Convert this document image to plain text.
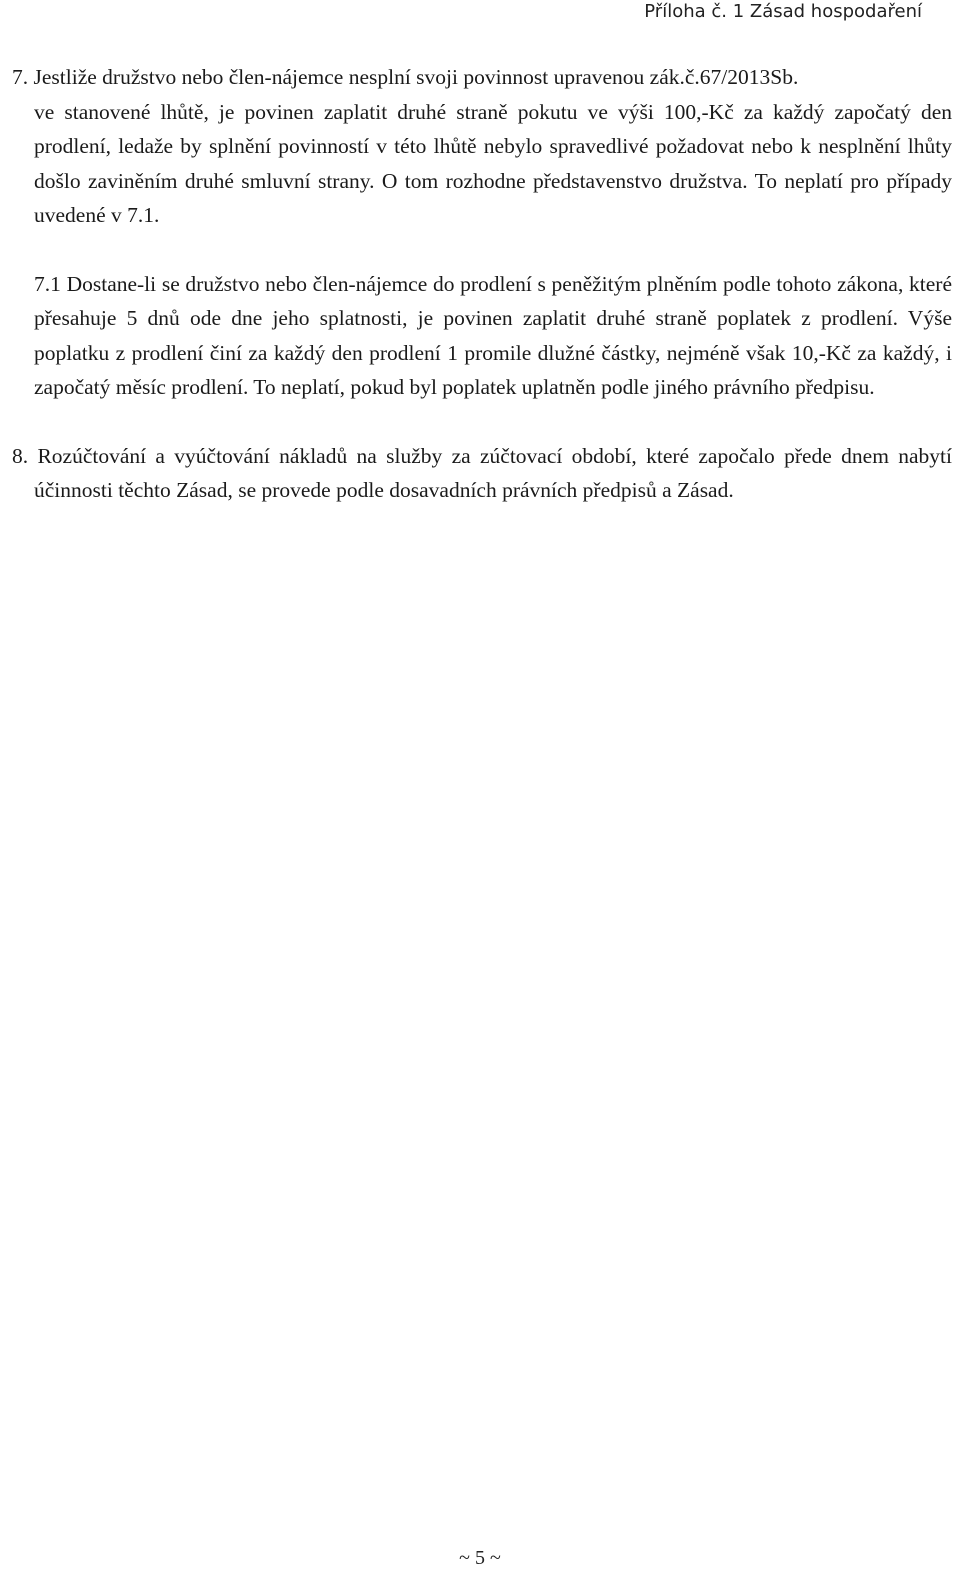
Příloha č. 1 Zásad hospodaření

7. Jestliže družstvo nebo člen-nájemce nesplní svoji povinnost upravenou zák.č.67/2013Sb.
ve stanovené lhůtě, je povinen zaplatit druhé straně pokutu ve výši 100,-Kč za každý započatý den prodlení, ledaže by splnění povinností v této lhůtě nebylo spravedlivé požadovat nebo k nesplnění lhůty došlo zaviněním druhé smluvní strany. O tom rozhodne představenstvo družstva. To neplatí pro případy uvedené v 7.1.

7.1 Dostane-li se družstvo nebo člen-nájemce do prodlení s peněžitým plněním podle tohoto zákona, které přesahuje 5 dnů ode dne jeho splatnosti, je povinen zaplatit druhé straně poplatek z prodlení. Výše poplatku z prodlení činí za každý den prodlení 1 promile dlužné částky, nejméně však 10,-Kč za každý, i započatý měsíc prodlení. To neplatí, pokud byl poplatek uplatněn podle jiného právního předpisu.

8. Rozúčtování a vyúčtování nákladů na služby za zúčtovací období, které započalo přede dnem nabytí účinnosti těchto Zásad, se provede podle dosavadních právních předpisů a Zásad.

~ 5 ~
